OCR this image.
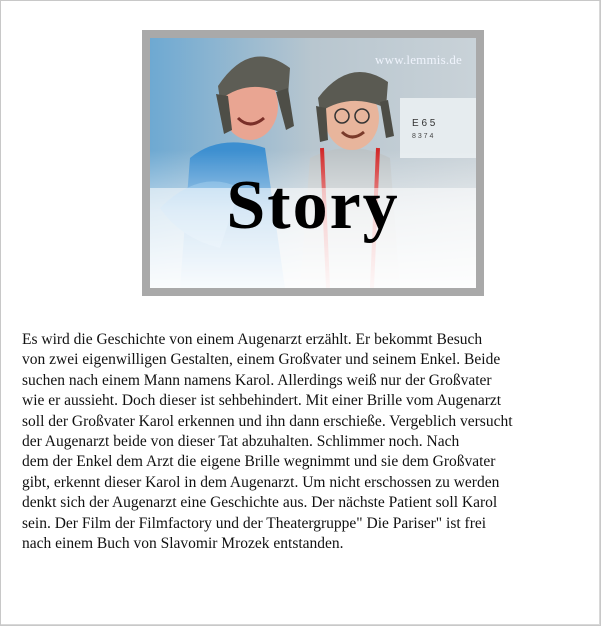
E 6 5
8 3 7 4
www.lemmis.de
Story
Es wird die Geschichte von einem Augenarzt erzählt. Er bekommt Besuch
von zwei eigenwilligen Gestalten, einem Großvater und seinem Enkel. Beide
suchen nach einem Mann namens Karol. Allerdings weiß nur der Großvater
wie er aussieht. Doch dieser ist sehbehindert. Mit einer Brille vom Augenarzt
soll der Großvater Karol erkennen und ihn dann erschieße. Vergeblich versucht
der Augenarzt beide von dieser Tat abzuhalten. Schlimmer noch. Nach
dem der Enkel dem Arzt die eigene Brille wegnimmt und sie dem Großvater
gibt, erkennt dieser Karol in dem Augenarzt. Um nicht erschossen zu werden
denkt sich der Augenarzt eine Geschichte aus. Der nächste Patient soll Karol
sein. Der Film der Filmfactory und der Theatergruppe" Die Pariser" ist frei
nach einem Buch von Slavomir Mrozek entstanden.
